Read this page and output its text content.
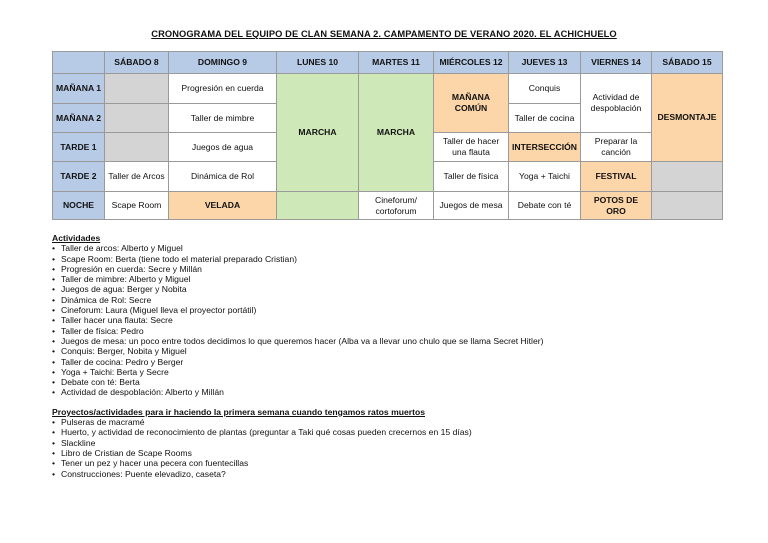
CRONOGRAMA DEL EQUIPO DE CLAN SEMANA 2. CAMPAMENTO DE VERANO 2020. EL ACHICHUELO
	SÁBADO 8	DOMINGO 9	LUNES 10	MARTES 11	MIÉRCOLES 12	JUEVES 13	VIERNES 14	SÁBADO 15
MAÑANA 1		Progresión en cuerda	MARCHA	MARCHA	MAÑANA COMÚN	Conquis	Actividad de despoblación	DESMONTAJE
MAÑANA 2		Taller de mimbre				Taller de cocina		
TARDE 1		Juegos de agua			Taller de hacer una flauta	INTERSECCIÓN	Preparar la canción	
TARDE 2	Taller de Arcos	Dinámica de Rol			Taller de física	Yoga + Taichi	FESTIVAL	
NOCHE	Scape Room	VELADA		Cineforum/ cortoforum	Juegos de mesa	Debate con té	POTOS DE ORO	
Actividades
• Taller de arcos: Alberto y Miguel
• Scape Room: Berta (tiene todo el material preparado Cristian)
• Progresión en cuerda: Secre y Millán
• Taller de mimbre: Alberto y Miguel
• Juegos de agua: Berger y Nobita
• Dinámica de Rol: Secre
• Cineforum: Laura (Miguel lleva el proyector portátil)
• Taller hacer una flauta: Secre
• Taller de física: Pedro
• Juegos de mesa: un poco entre todos decidimos lo que queremos hacer (Alba va a llevar uno chulo que se llama Secret Hitler)
• Conquis: Berger, Nobita y Miguel
• Taller de cocina: Pedro y Berger
• Yoga + Taichi: Berta y Secre
• Debate con té: Berta
• Actividad de despoblación: Alberto y Millán
Proyectos/actividades para ir haciendo la primera semana cuando tengamos ratos muertos
• Pulseras de macramé
• Huerto, y actividad de reconocimiento de plantas (preguntar a Taki qué cosas pueden crecernos en 15 días)
• Slackline
• Libro de Cristian de Scape Rooms
• Tener un pez y hacer una pecera con fuentecillas
• Construcciones: Puente elevadizo, caseta?
